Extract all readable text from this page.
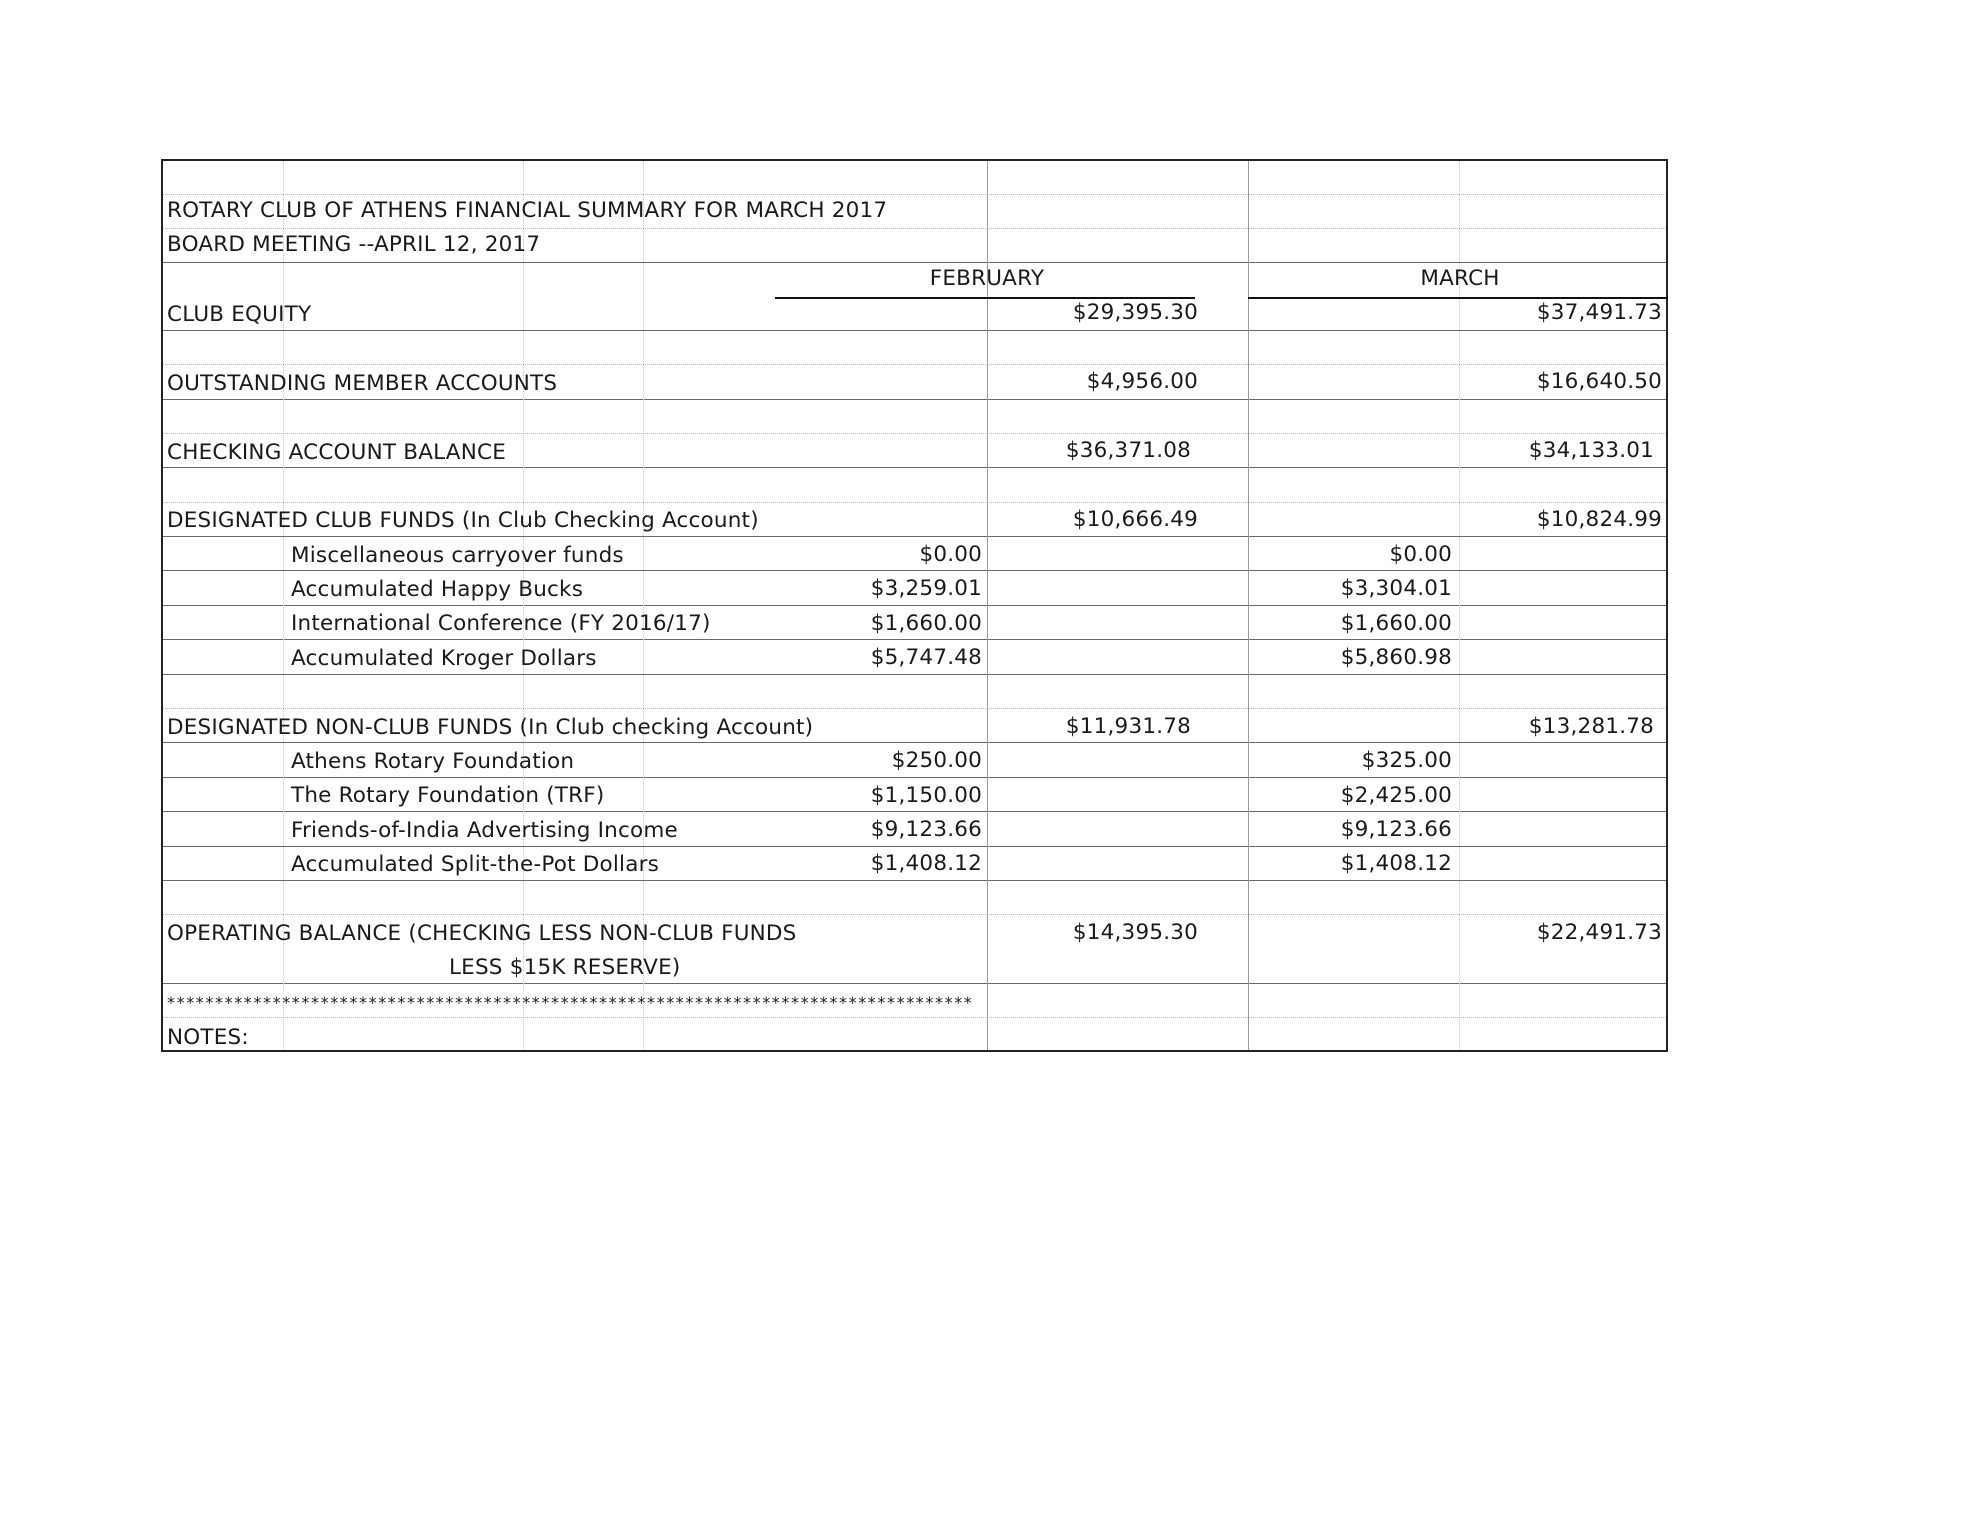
ROTARY CLUB OF ATHENS FINANCIAL SUMMARY FOR MARCH 2017
BOARD MEETING --APRIL 12, 2017
FEBRUARY	MARCH
CLUB EQUITY	$29,395.30	$37,491.73
OUTSTANDING MEMBER ACCOUNTS	$4,956.00	$16,640.50
CHECKING ACCOUNT BALANCE	$36,371.08	$34,133.01
DESIGNATED CLUB FUNDS (In Club Checking Account)	$10,666.49	$10,824.99
Miscellaneous carryover funds	$0.00	$0.00
Accumulated Happy Bucks	$3,259.01	$3,304.01
International Conference (FY 2016/17)	$1,660.00	$1,660.00
Accumulated Kroger Dollars	$5,747.48	$5,860.98
DESIGNATED NON-CLUB FUNDS (In Club checking Account)	$11,931.78	$13,281.78
Athens Rotary Foundation	$250.00	$325.00
The Rotary Foundation (TRF)	$1,150.00	$2,425.00
Friends-of-India Advertising Income	$9,123.66	$9,123.66
Accumulated Split-the-Pot Dollars	$1,408.12	$1,408.12
OPERATING BALANCE (CHECKING LESS NON-CLUB FUNDS
LESS $15K RESERVE)
$14,395.30	$22,491.73
************************************************************************************
NOTES:
